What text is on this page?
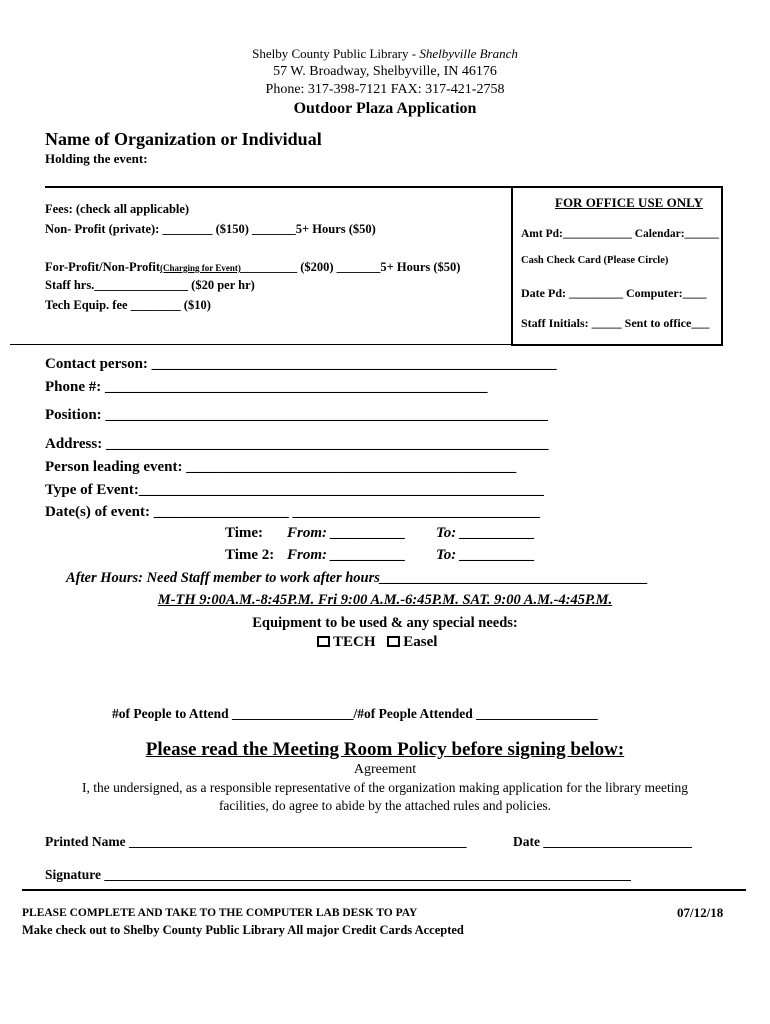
Shelby County Public Library - Shelbyville Branch
57 W. Broadway, Shelbyville, IN 46176
Phone: 317-398-7121 FAX: 317-421-2758
Outdoor Plaza Application
Name of Organization or Individual
Holding the event:
Fees: (check all applicable)
Non- Profit (private): ________ ($150) _______5+ Hours ($50)
For-Profit/Non-Profit(Charging for Event)_________ ($200) _______5+ Hours ($50)
Staff hrs._______________ ($20 per hr)
Tech Equip. fee ________ ($10)
FOR OFFICE USE ONLY
Amt Pd:____________ Calendar:______
Cash Check Card (Please Circle)
Date Pd: _________ Computer:____
Staff Initials: _____ Sent to office___
Contact person: ______________________________________________________
Phone #: ___________________________________________________
Position: ___________________________________________________________
Address: ___________________________________________________________
Person leading event: ____________________________________________
Type of Event:______________________________________________________
Date(s) of event: __________________ _________________________________
Time: From: __________ To: __________
Time 2: From: __________ To: __________
After Hours: Need Staff member to work after hours_____________________________________
M-TH 9:00A.M.-8:45P.M. Fri 9:00 A.M.-6:45P.M. SAT. 9:00 A.M.-4:45P.M.
Equipment to be used & any special needs:
TECH Easel
#of People to Attend __________________/#of People Attended __________________
Please read the Meeting Room Policy before signing below:
Agreement
I, the undersigned, as a responsible representative of the organization making application for the library meeting
facilities, do agree to abide by the attached rules and policies.
Printed Name __________________________________________________	Date ______________________
Signature ______________________________________________________________________________
PLEASE COMPLETE AND TAKE TO THE COMPUTER LAB DESK TO PAY
Make check out to Shelby County Public Library All major Credit Cards Accepted
07/12/18
